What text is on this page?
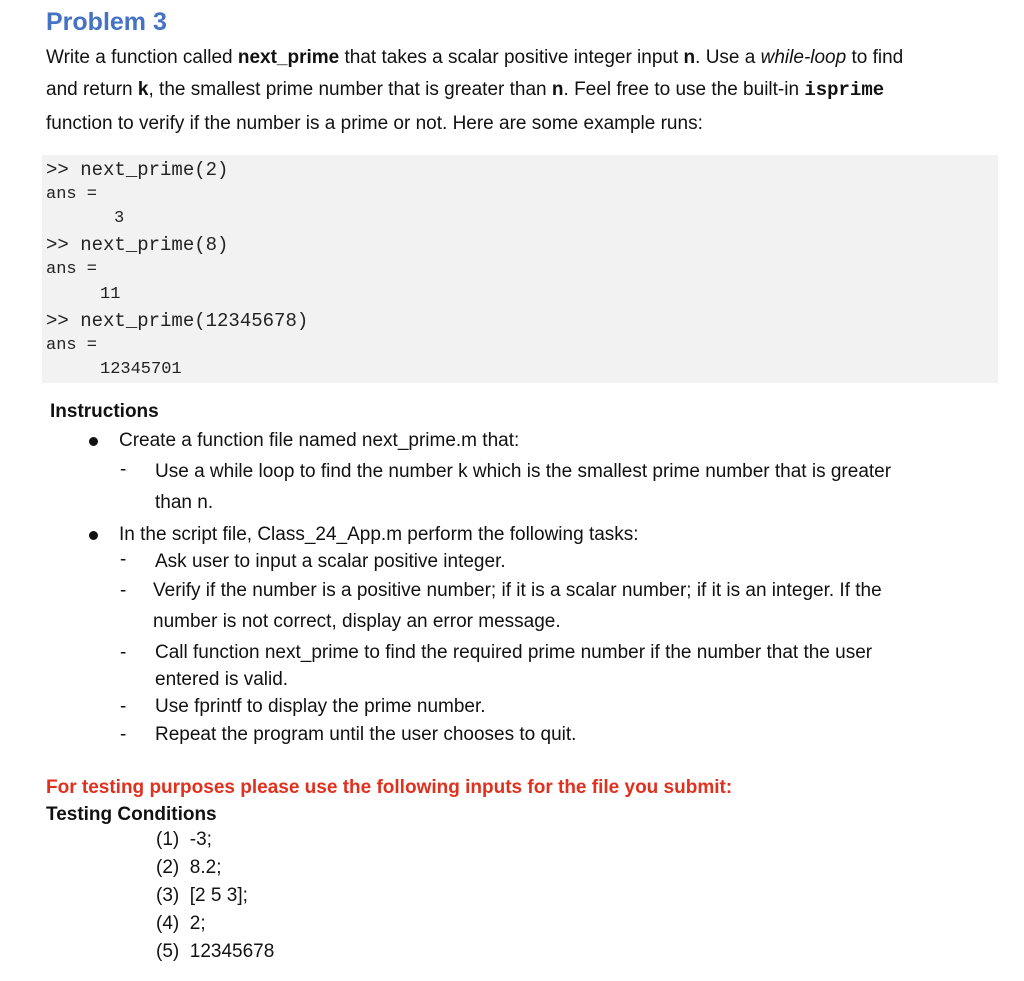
Problem 3
Write a function called next_prime that takes a scalar positive integer input n. Use a while-loop to find
and return k, the smallest prime number that is greater than n. Feel free to use the built-in isprime
function to verify if the number is a prime or not. Here are some example runs:
>> next_prime(2)
ans =
3
>> next_prime(8)
ans =
11
>> next_prime(12345678)
ans =
12345701
Instructions
Create a function file named next_prime.m that:
- Use a while loop to find the number k which is the smallest prime number that is greater
than n.
In the script file, Class_24_App.m perform the following tasks:
- Ask user to input a scalar positive integer.
- Verify if the number is a positive number; if it is a scalar number; if it is an integer. If the
number is not correct, display an error message.
- Call function next_prime to find the required prime number if the number that the user
entered is valid.
- Use fprintf to display the prime number.
- Repeat the program until the user chooses to quit.
For testing purposes please use the following inputs for the file you submit:
Testing Conditions
(1)  -3;
(2)  8.2;
(3)  [2 5 3];
(4)  2;
(5)  12345678
